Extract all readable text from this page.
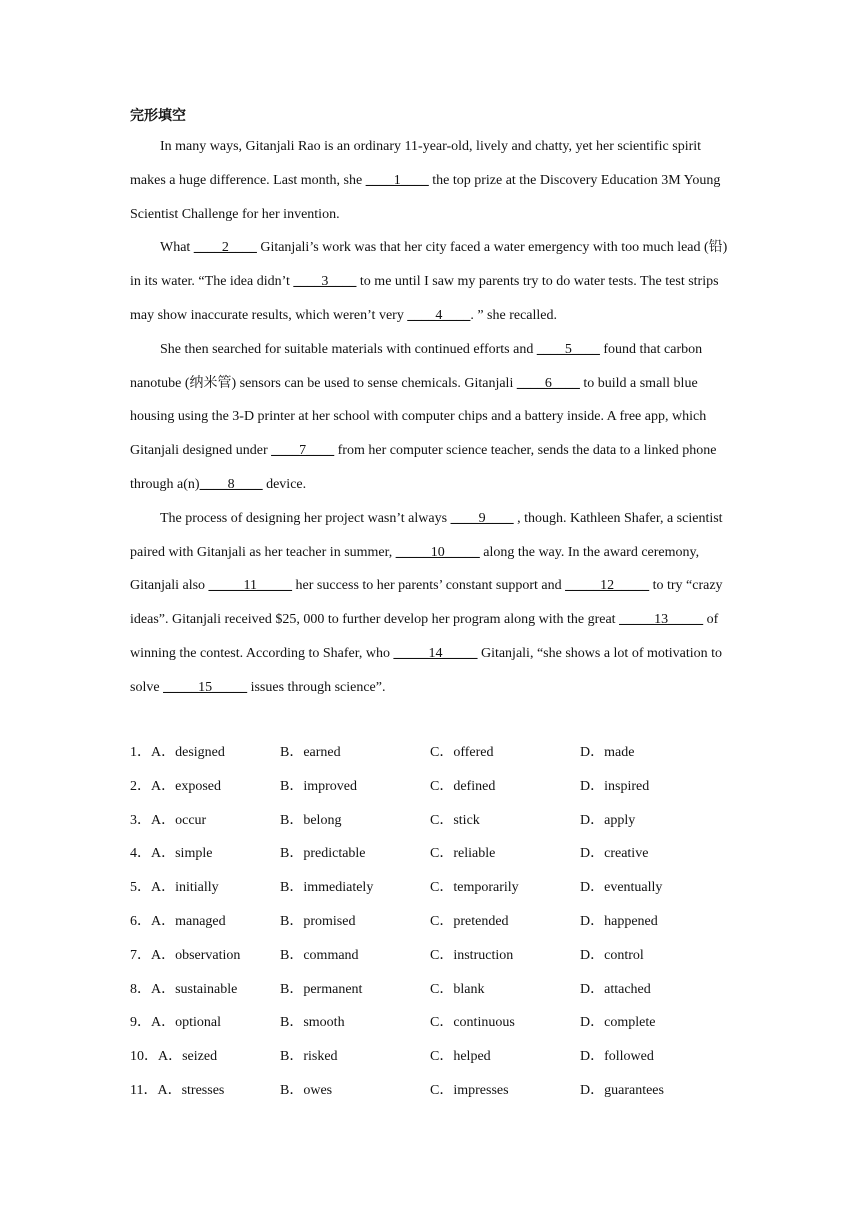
完形填空

In many ways, Gitanjali Rao is an ordinary 11-year-old, lively and chatty, yet her scientific spirit makes a huge difference. Last month, she ____1____ the top prize at the Discovery Education 3M Young Scientist Challenge for her invention.

What ____2____ Gitanjali’s work was that her city faced a water emergency with too much lead (铅) in its water. “The idea didn’t ____3____ to me until I saw my parents try to do water tests. The test strips may show inaccurate results, which weren’t very ____4____. ” she recalled.

She then searched for suitable materials with continued efforts and ____5____ found that carbon nanotube (纳米管) sensors can be used to sense chemicals. Gitanjali ____6____ to build a small blue housing using the 3-D printer at her school with computer chips and a battery inside. A free app, which Gitanjali designed under ____7____ from her computer science teacher, sends the data to a linked phone through a(n)____8____ device.

The process of designing her project wasn’t always ____9____ , though. Kathleen Shafer, a scientist paired with Gitanjali as her teacher in summer, _____10_____ along the way. In the award ceremony, Gitanjali also _____11_____ her success to her parents’ constant support and _____12_____ to try “crazy ideas”. Gitanjali received $25, 000 to further develop her program along with the great _____13_____ of winning the contest. According to Shafer, who _____14_____ Gitanjali, “she shows a lot of motivation to solve _____15_____ issues through science”.

1．A．designed	B．earned	C．offered	D．made
2．A．exposed	B．improved	C．defined	D．inspired
3．A．occur	B．belong	C．stick	D．apply
4．A．simple	B．predictable	C．reliable	D．creative
5．A．initially	B．immediately	C．temporarily	D．eventually
6．A．managed	B．promised	C．pretended	D．happened
7．A．observation	B．command	C．instruction	D．control
8．A．sustainable	B．permanent	C．blank	D．attached
9．A．optional	B．smooth	C．continuous	D．complete
10．A．seized	B．risked	C．helped	D．followed
11．A．stresses	B．owes	C．impresses	D．guarantees
